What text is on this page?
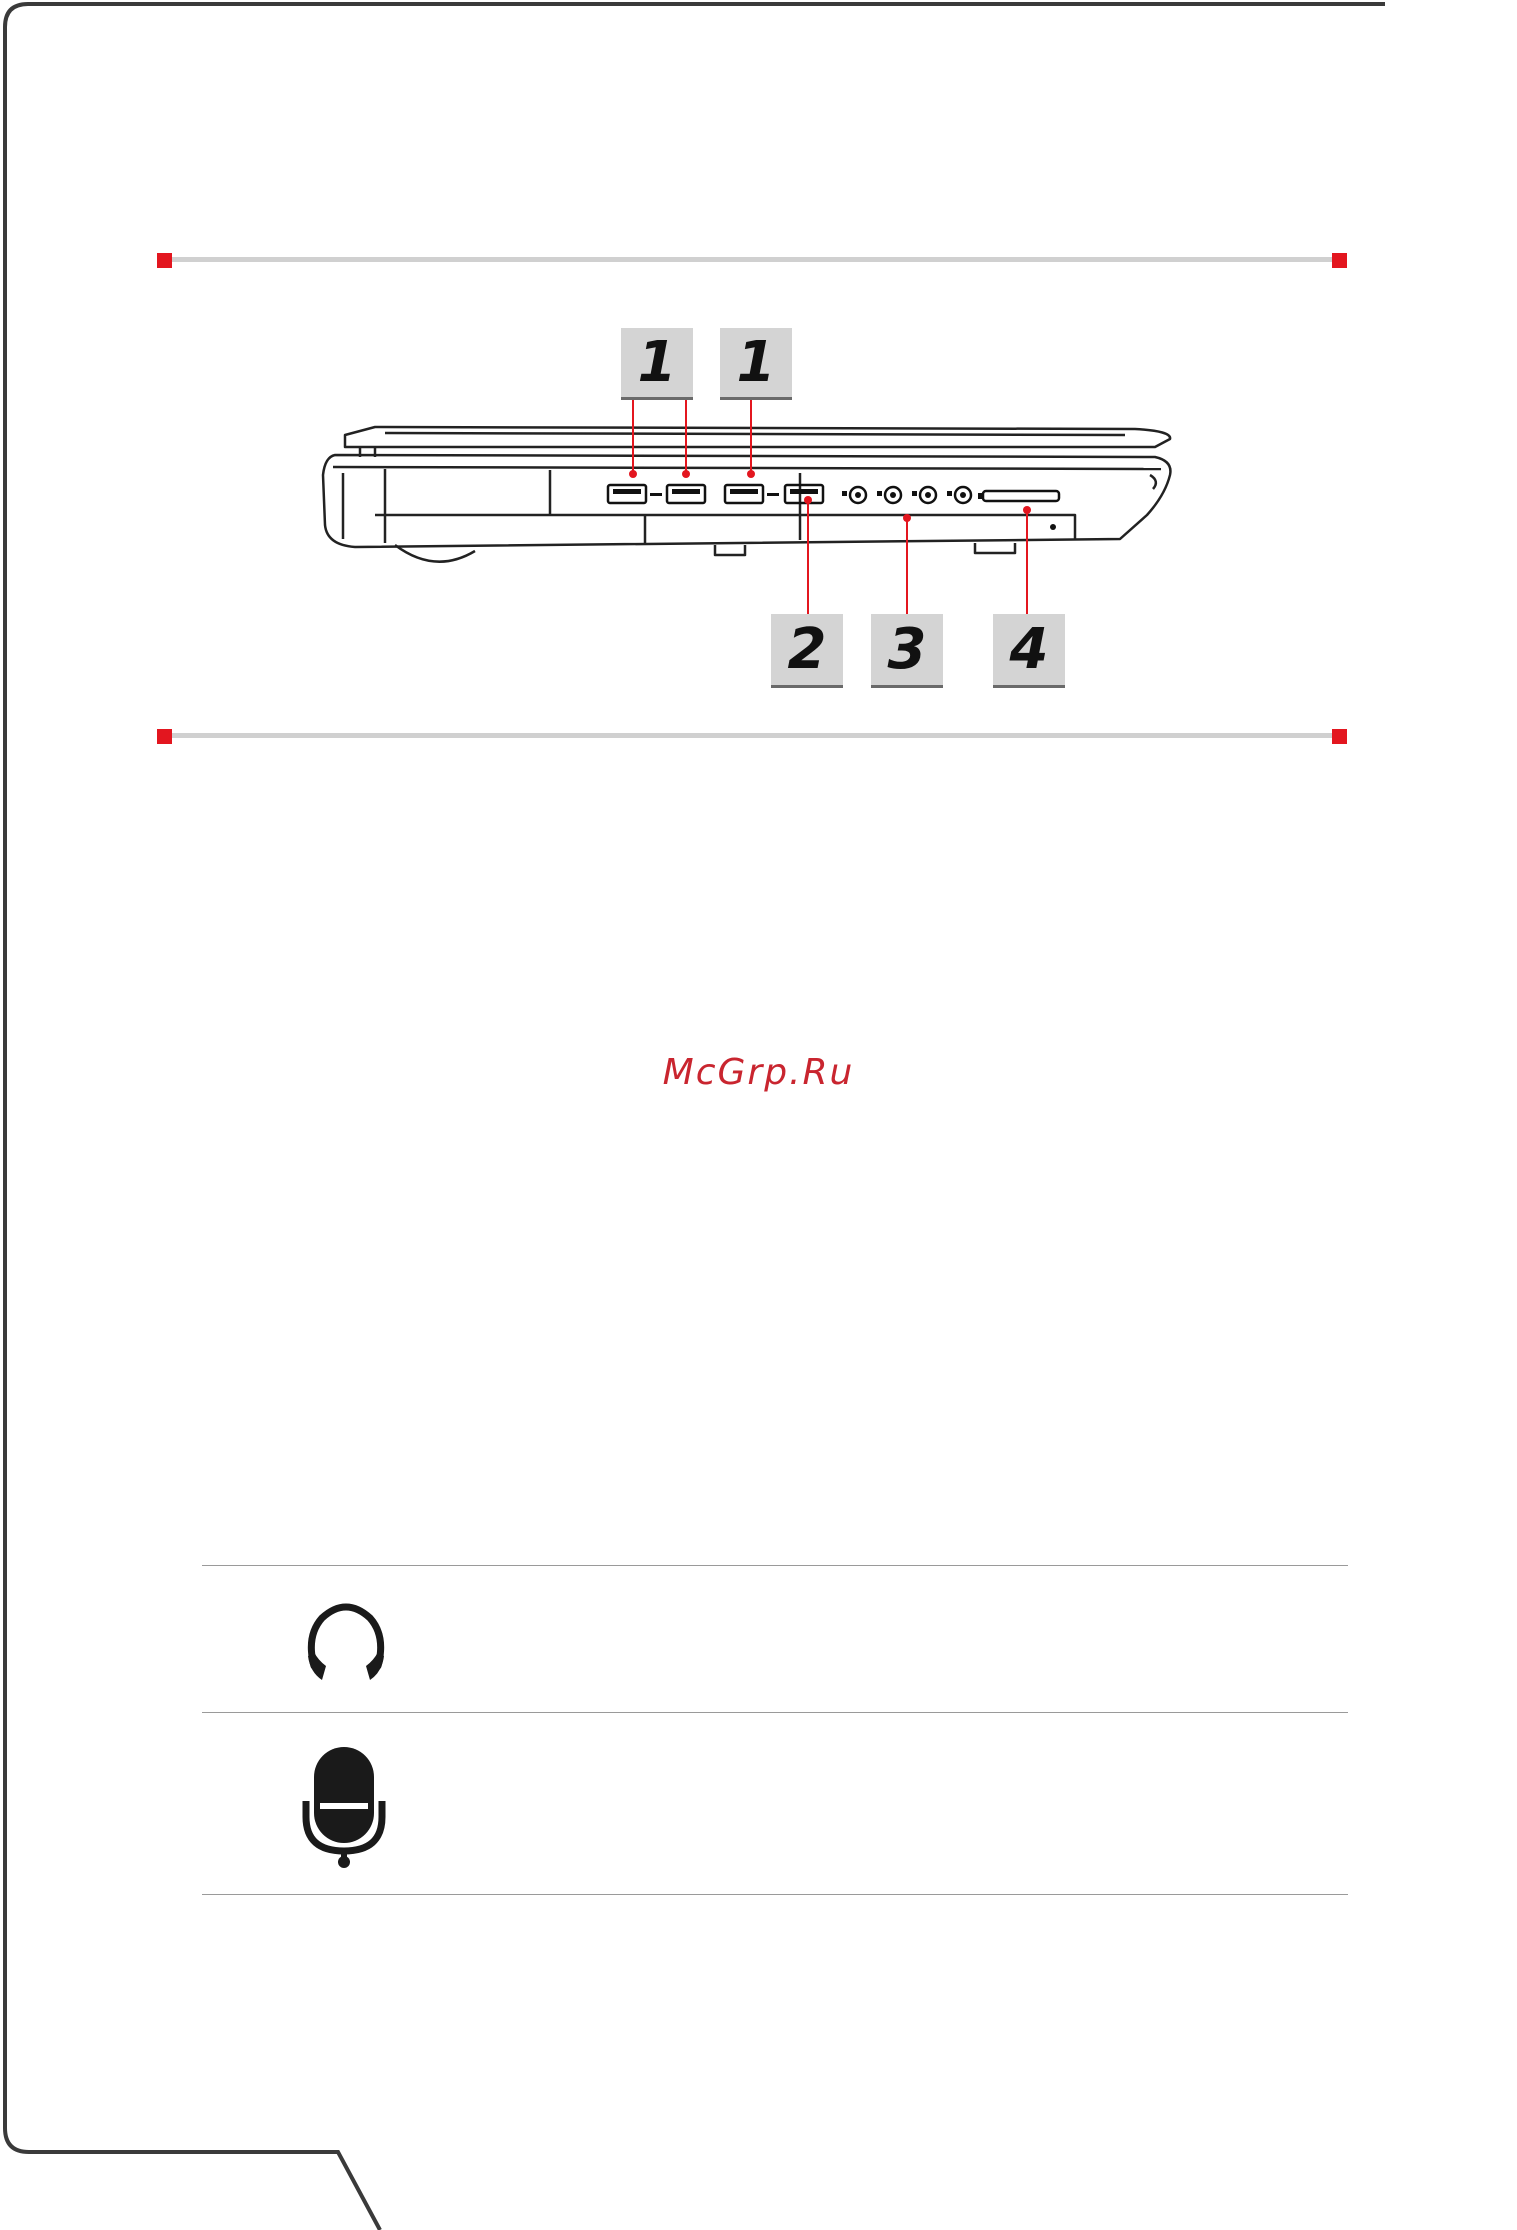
1 1
2 3 4
McGrp.Ru
